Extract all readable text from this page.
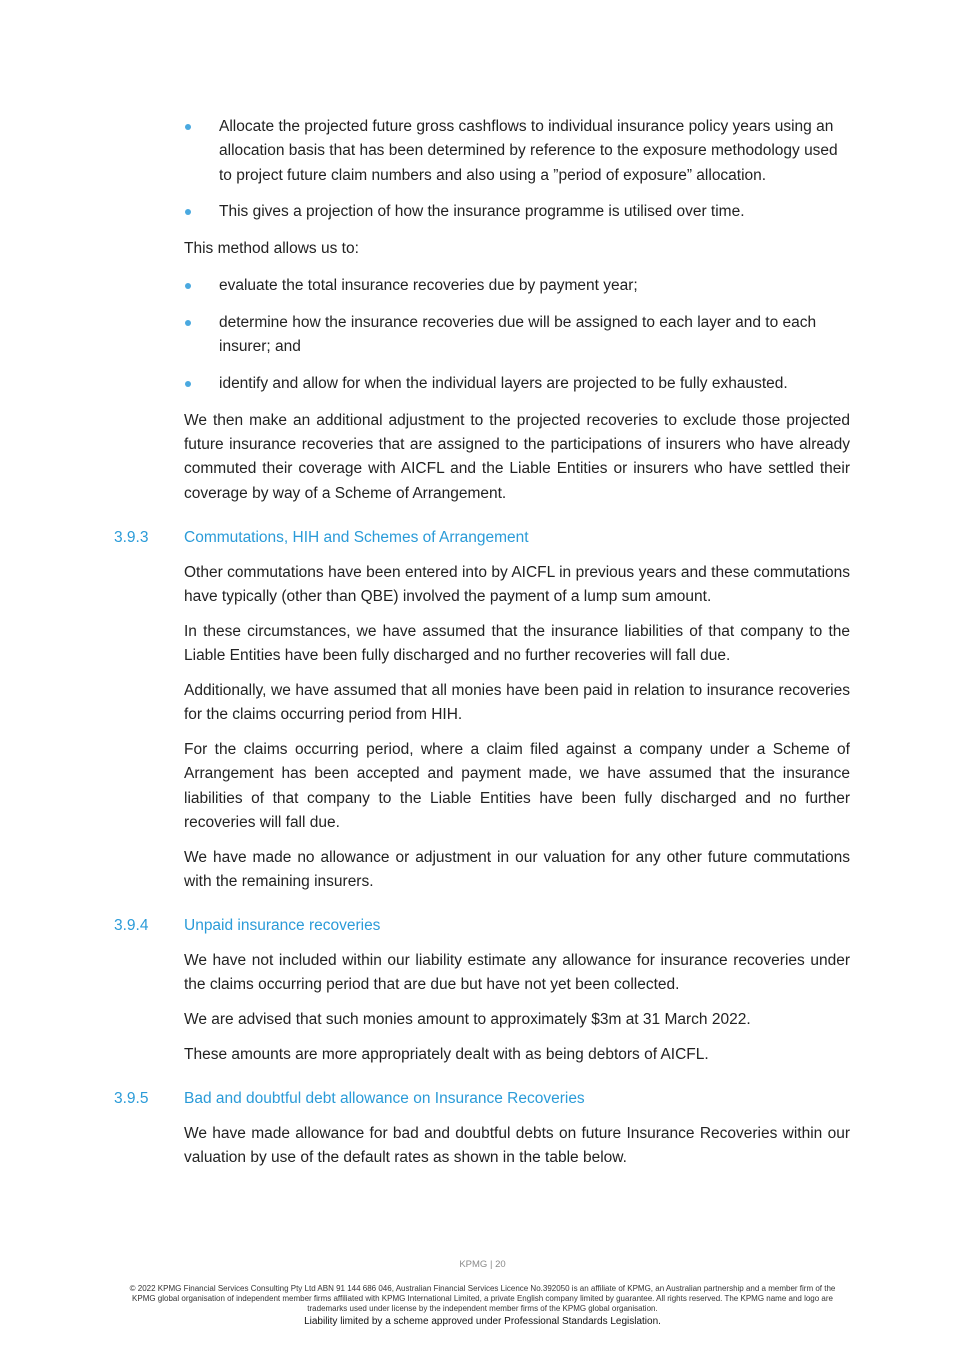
Allocate the projected future gross cashflows to individual insurance policy years using an allocation basis that has been determined by reference to the exposure methodology used to project future claim numbers and also using a ”period of exposure” allocation.
This gives a projection of how the insurance programme is utilised over time.

This method allows us to:

evaluate the total insurance recoveries due by payment year;
determine how the insurance recoveries due will be assigned to each layer and to each insurer; and
identify and allow for when the individual layers are projected to be fully exhausted.

We then make an additional adjustment to the projected recoveries to exclude those projected future insurance recoveries that are assigned to the participations of insurers who have already commuted their coverage with AICFL and the Liable Entities or insurers who have settled their coverage by way of a Scheme of Arrangement.

3.9.3 Commutations, HIH and Schemes of Arrangement

Other commutations have been entered into by AICFL in previous years and these commutations have typically (other than QBE) involved the payment of a lump sum amount.

In these circumstances, we have assumed that the insurance liabilities of that company to the Liable Entities have been fully discharged and no further recoveries will fall due.

Additionally, we have assumed that all monies have been paid in relation to insurance recoveries for the claims occurring period from HIH.

For the claims occurring period, where a claim filed against a company under a Scheme of Arrangement has been accepted and payment made, we have assumed that the insurance liabilities of that company to the Liable Entities have been fully discharged and no further recoveries will fall due.

We have made no allowance or adjustment in our valuation for any other future commutations with the remaining insurers.

3.9.4 Unpaid insurance recoveries

We have not included within our liability estimate any allowance for insurance recoveries under the claims occurring period that are due but have not yet been collected.

We are advised that such monies amount to approximately $3m at 31 March 2022.

These amounts are more appropriately dealt with as being debtors of AICFL.

3.9.5 Bad and doubtful debt allowance on Insurance Recoveries

We have made allowance for bad and doubtful debts on future Insurance Recoveries within our valuation by use of the default rates as shown in the table below.

KPMG | 20
© 2022 KPMG Financial Services Consulting Pty Ltd ABN 91 144 686 046, Australian Financial Services Licence No.392050 is an affiliate of KPMG, an Australian partnership and a member firm of the KPMG global organisation of independent member firms affiliated with KPMG International Limited, a private English company limited by guarantee. All rights reserved. The KPMG name and logo are trademarks used under license by the independent member firms of the KPMG global organisation.
Liability limited by a scheme approved under Professional Standards Legislation.
